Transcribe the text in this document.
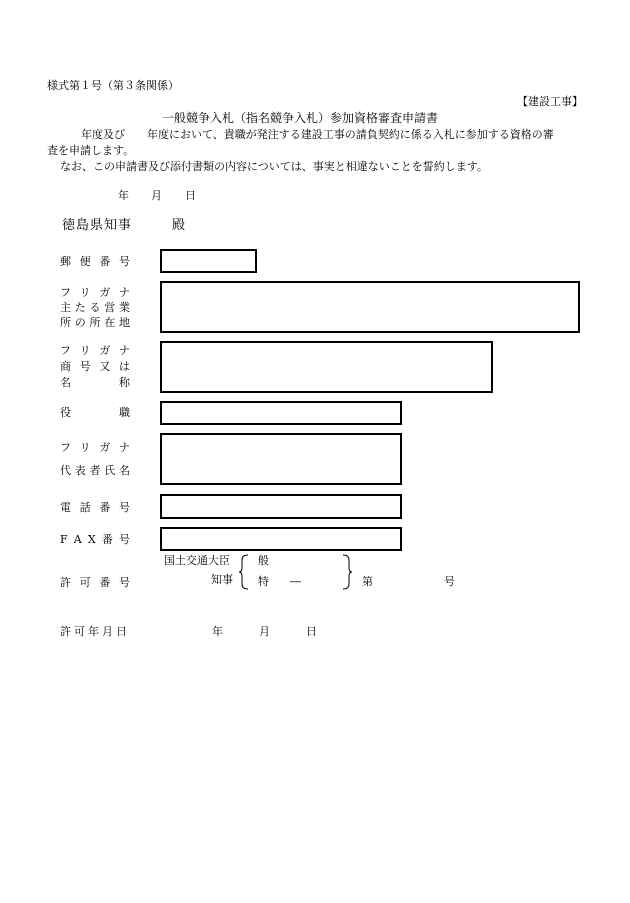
様式第１号（第３条関係）
【建設工事】
一般競争入札（指名競争入札）参加資格審査申請書
年度及び　　年度において、貴職が発注する建設工事の請負契約に係る入札に参加する資格の審
査を申請します。
なお、この申請書及び添付書類の内容については、事実と相違ないことを誓約します。
年 月 日
徳島県知事	殿
郵 便 番 号
フ リ ガ ナ
主 た る 営 業
所 の 所 在 地
フ リ ガ ナ
商 号 又 は
名	称
役	職
フ リ ガ ナ
代 表 者 氏 名
電 話 番 号
F A X 番 号
国土交通大臣
知事
般
特 ―	第	号
許 可 番 号
許 可 年 月 日	年	月	日
